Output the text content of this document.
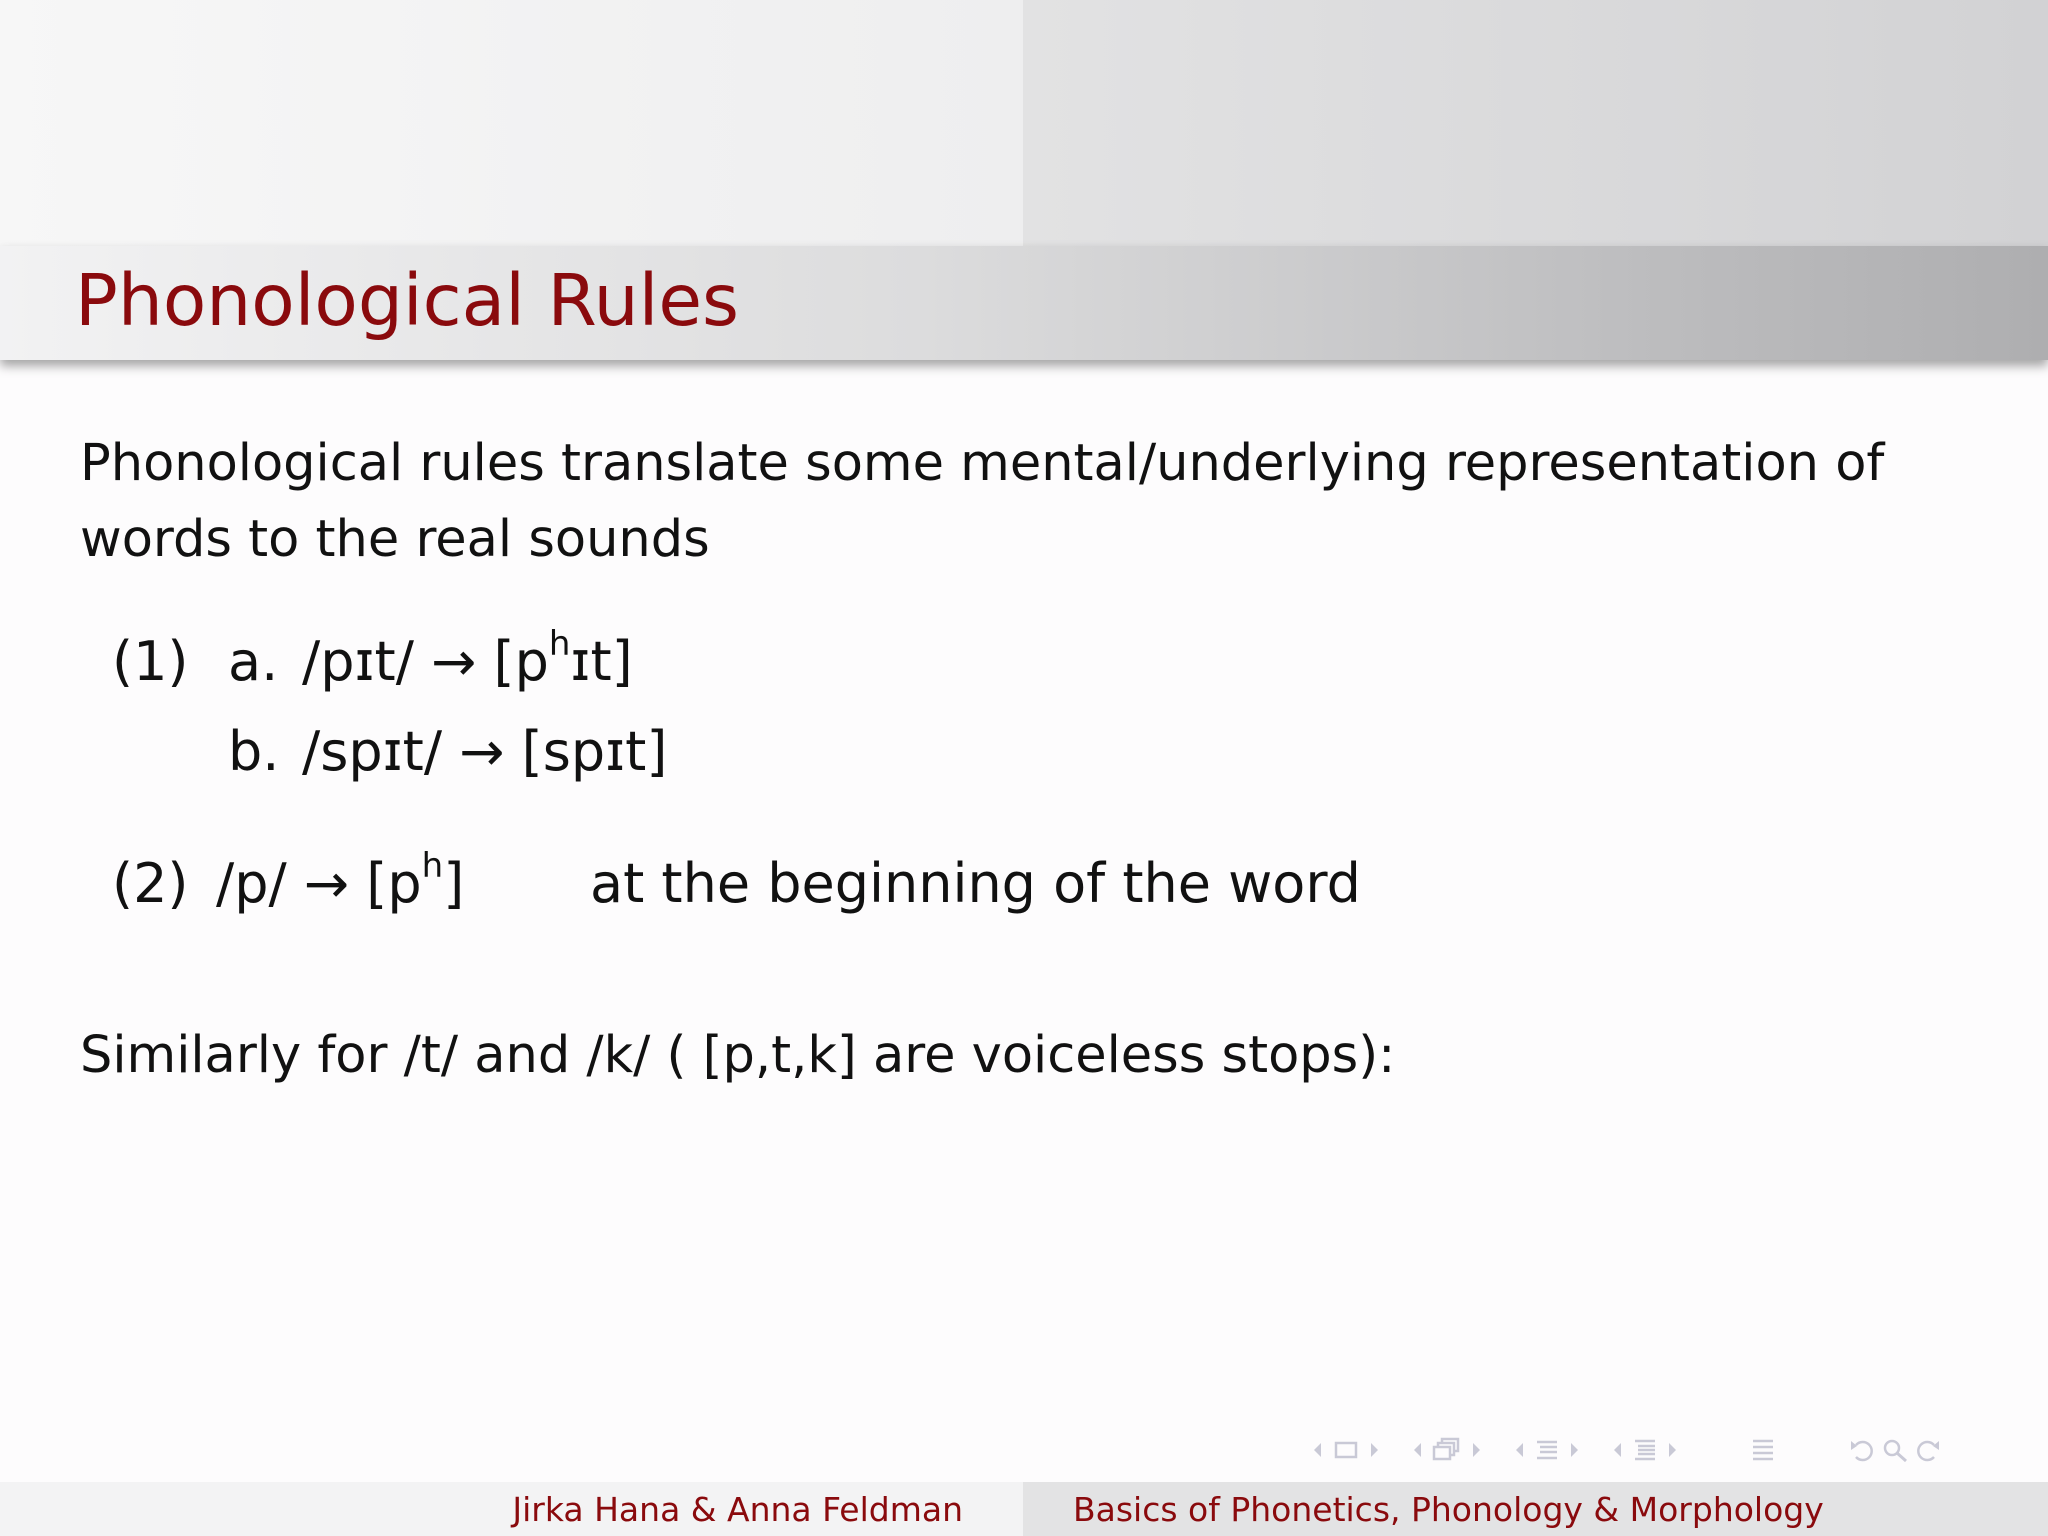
Phonological Rules

Phonological rules translate some mental/underlying representation of words to the real sounds

(1) a. /pɪt/ → $[p^hɪt]$
b. /spɪt/ → [spɪt]
(2) $/p/ \to [p^h]$ at the beginning of the word

Similarly for /t/ and /k/ ( [p,t,k] are voiceless stops):

Jirka Hana & Anna Feldman	Basics of Phonetics, Phonology & Morphology
